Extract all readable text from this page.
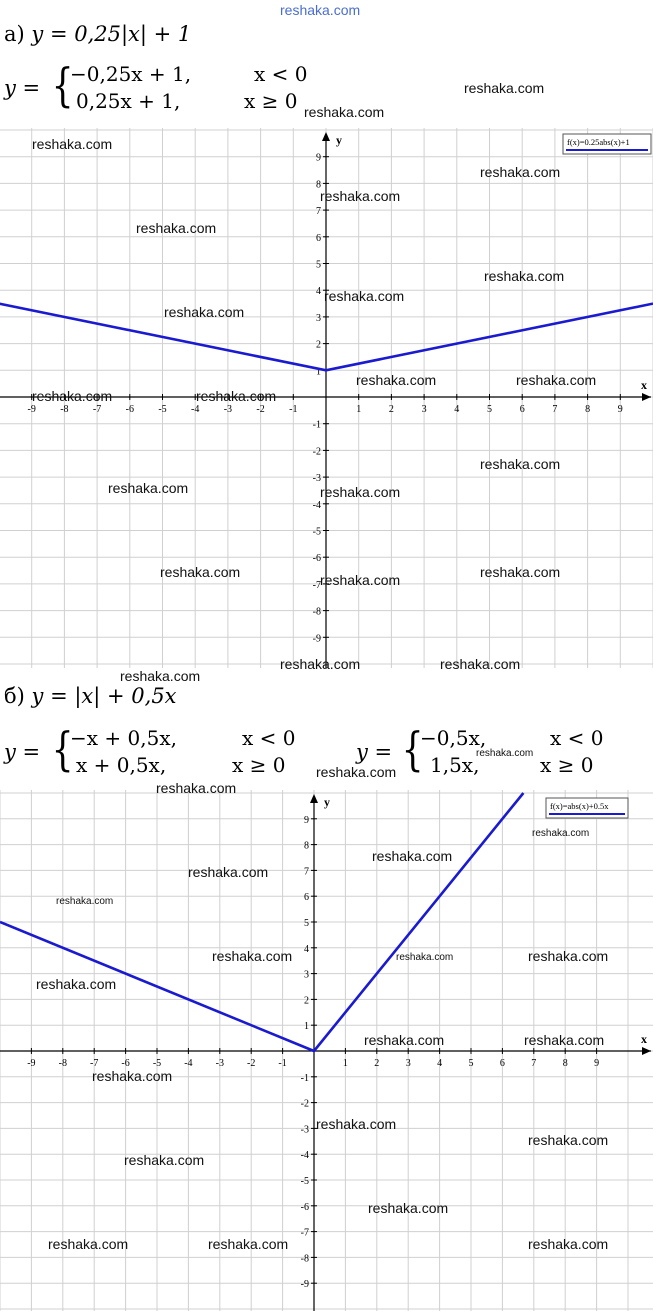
reshaka.com
а) y = 0,25|x| + 1
y = {
−0,25x + 1,	x < 0
0,25x + 1,	x ≥ 0
x
y
-9 -8 -7 -6 -5 -4 -3 -2 -1	1	2	3	4	5	6	7	8	9
-9
-8
-7
-6
-5
-4
-3
-2
-1
1
2
3
4
5
6
7
8
9
f(x)=0.25abs(x)+1
б) y = |x| + 0,5x
y = {
−x + 0,5x,	x < 0
x + 0,5x,	x ≥ 0
y = {
−0,5x,	x < 0
1,5x,	x ≥ 0
x
y
-9 -8 -7 -6 -5 -4 -3 -2 -1	1	2	3	4	5	6	7	8	9
-9
-8
-7
-6
-5
-4
-3
-2
-1
1
2
3
4
5
6
7
8
9
f(x)=abs(x)+0.5x
reshaka.com
reshaka.com
reshaka.com
reshaka.com
reshaka.com
reshaka.com
reshaka.com
reshaka.com
reshaka.com
reshaka.com	reshaka.com
reshaka.com	reshaka.com
reshaka.com
reshaka.com	reshaka.com
reshaka.com	reshaka.com	reshaka.com
reshaka.com	reshaka.com
reshaka.com
reshaka.com
reshaka.com
reshaka.com
reshaka.com
reshaka.com
reshaka.com
reshaka.com
reshaka.com	reshaka.com	reshaka.com
reshaka.com
reshaka.com	reshaka.com
reshaka.com
reshaka.com
reshaka.com
reshaka.com
reshaka.com
reshaka.com	reshaka.com	reshaka.com
